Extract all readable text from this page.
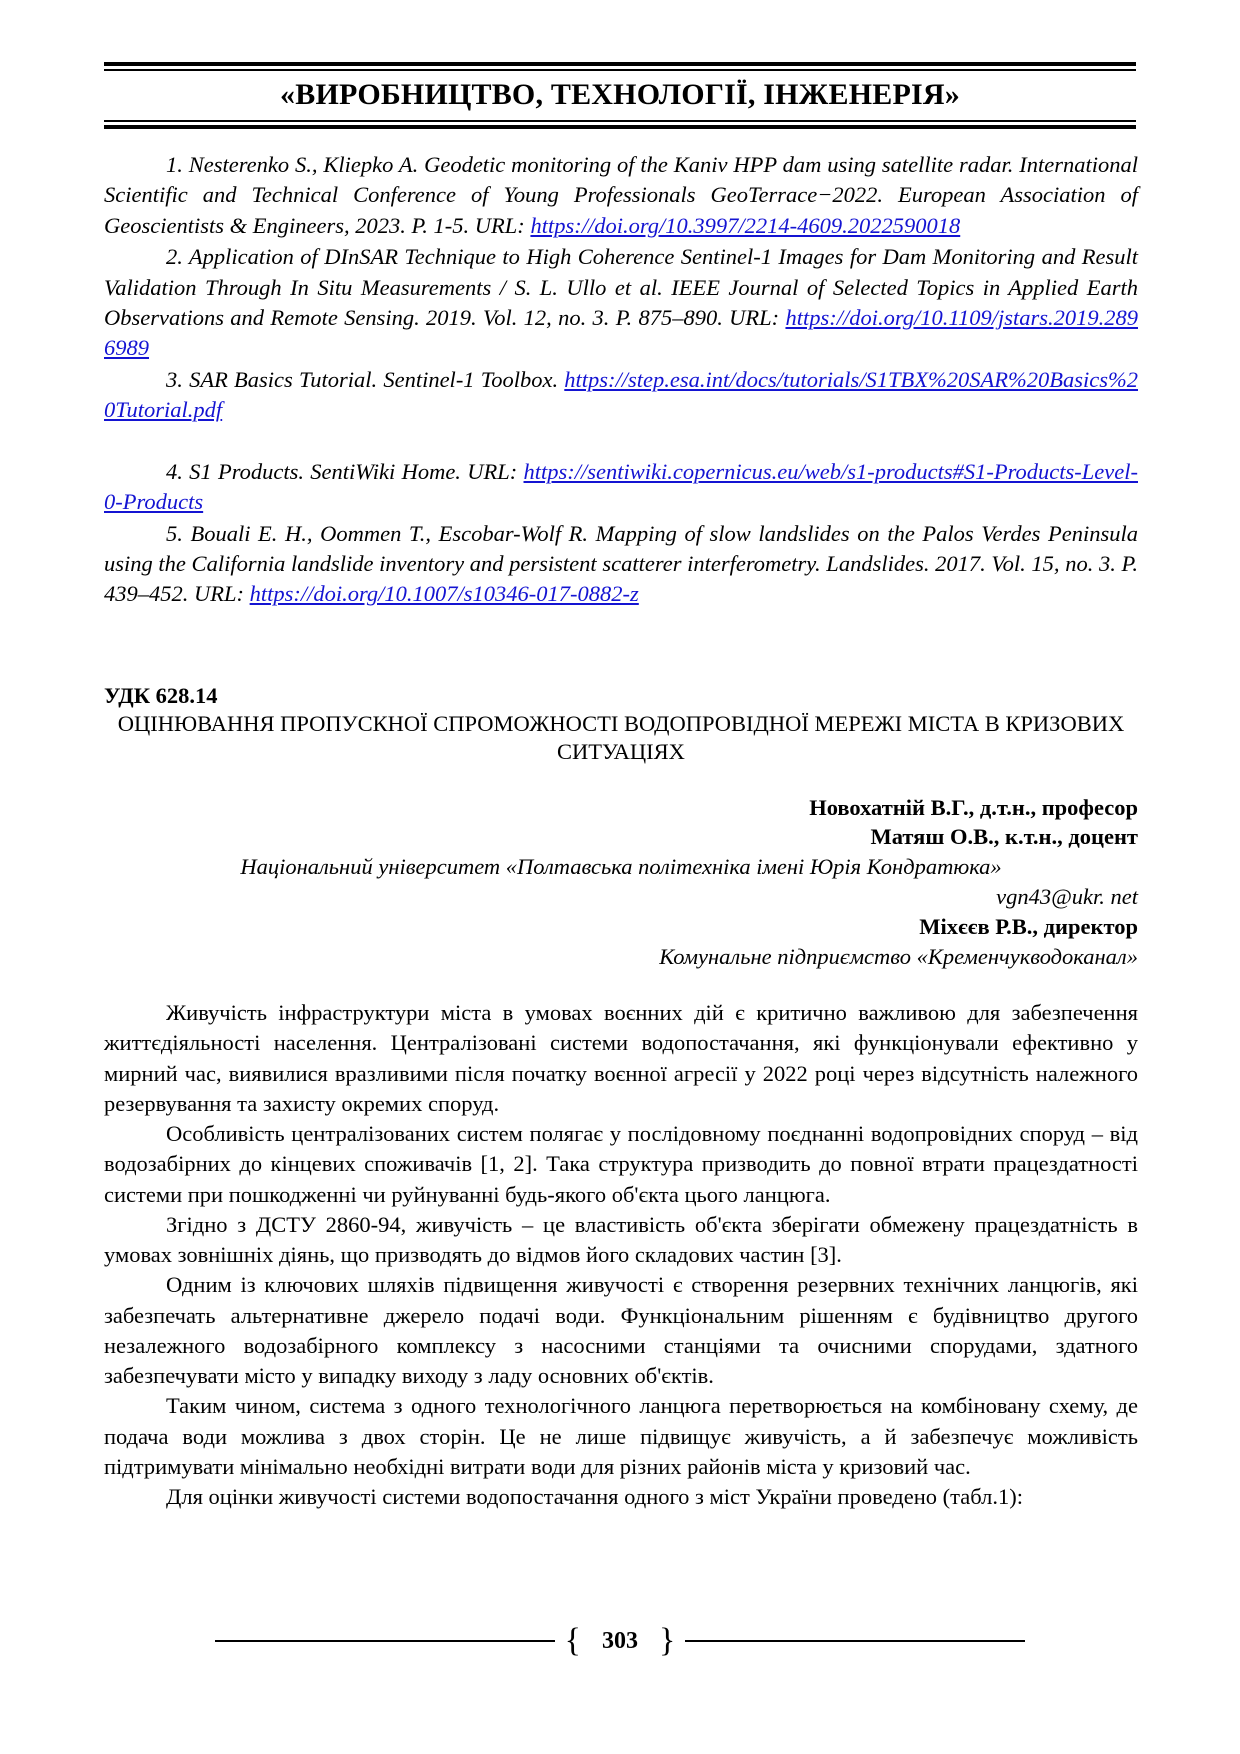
«ВИРОБНИЦТВО, ТЕХНОЛОГІЇ, ІНЖЕНЕРІЯ»

1. Nesterenko S., Kliepko A. Geodetic monitoring of the Kaniv HPP dam using satellite radar. International Scientific and Technical Conference of Young Professionals GeoTerrace−2022. European Association of Geoscientists & Engineers, 2023. P. 1-5. URL: https://doi.org/10.3997/2214-4609.2022590018

2. Application of DInSAR Technique to High Coherence Sentinel-1 Images for Dam Monitoring and Result Validation Through In Situ Measurements / S. L. Ullo et al. IEEE Journal of Selected Topics in Applied Earth Observations and Remote Sensing. 2019. Vol. 12, no. 3. P. 875–890. URL: https://doi.org/10.1109/jstars.2019.2896989

3. SAR Basics Tutorial. Sentinel-1 Toolbox. https://step.esa.int/docs/tutorials/S1TBX%20SAR%20Basics%20Tutorial.pdf

4. S1 Products. SentiWiki Home. URL: https://sentiwiki.copernicus.eu/web/s1-products#S1-Products-Level-0-Products

5. Bouali E. H., Oommen T., Escobar-Wolf R. Mapping of slow landslides on the Palos Verdes Peninsula using the California landslide inventory and persistent scatterer interferometry. Landslides. 2017. Vol. 15, no. 3. P. 439–452. URL: https://doi.org/10.1007/s10346-017-0882-z

УДК 628.14

ОЦІНЮВАННЯ ПРОПУСКНОЇ СПРОМОЖНОСТІ ВОДОПРОВІДНОЇ МЕРЕЖІ МІСТА В КРИЗОВИХ СИТУАЦІЯХ

Новохатній В.Г., д.т.н., професор
Матяш О.В., к.т.н., доцент
Національний університет «Полтавська політехніка імені Юрія Кондратюка»
vgn43@ukr. net
Міхєєв Р.В., директор
Комунальне підприємство «Кременчукводоканал»

Живучість інфраструктури міста в умовах воєнних дій є критично важливою для забезпечення життєдіяльності населення. Централізовані системи водопостачання, які функціонували ефективно у мирний час, виявилися вразливими після початку воєнної агресії у 2022 році через відсутність належного резервування та захисту окремих споруд.

Особливість централізованих систем полягає у послідовному поєднанні водопровідних споруд – від водозабірних до кінцевих споживачів [1, 2]. Така структура призводить до повної втрати працездатності системи при пошкодженні чи руйнуванні будь-якого об'єкта цього ланцюга.

Згідно з ДСТУ 2860-94, живучість – це властивість об'єкта зберігати обмежену працездатність в умовах зовнішніх діянь, що призводять до відмов його складових частин [3].

Одним із ключових шляхів підвищення живучості є створення резервних технічних ланцюгів, які забезпечать альтернативне джерело подачі води. Функціональним рішенням є будівництво другого незалежного водозабірного комплексу з насосними станціями та очисними спорудами, здатного забезпечувати місто у випадку виходу з ладу основних об'єктів.

Таким чином, система з одного технологічного ланцюга перетворюється на комбіновану схему, де подача води можлива з двох сторін. Це не лише підвищує живучість, а й забезпечує можливість підтримувати мінімально необхідні витрати води для різних районів міста у кризовий час.

Для оцінки живучості системи водопостачання одного з міст України проведено (табл.1):

{ 303 }
